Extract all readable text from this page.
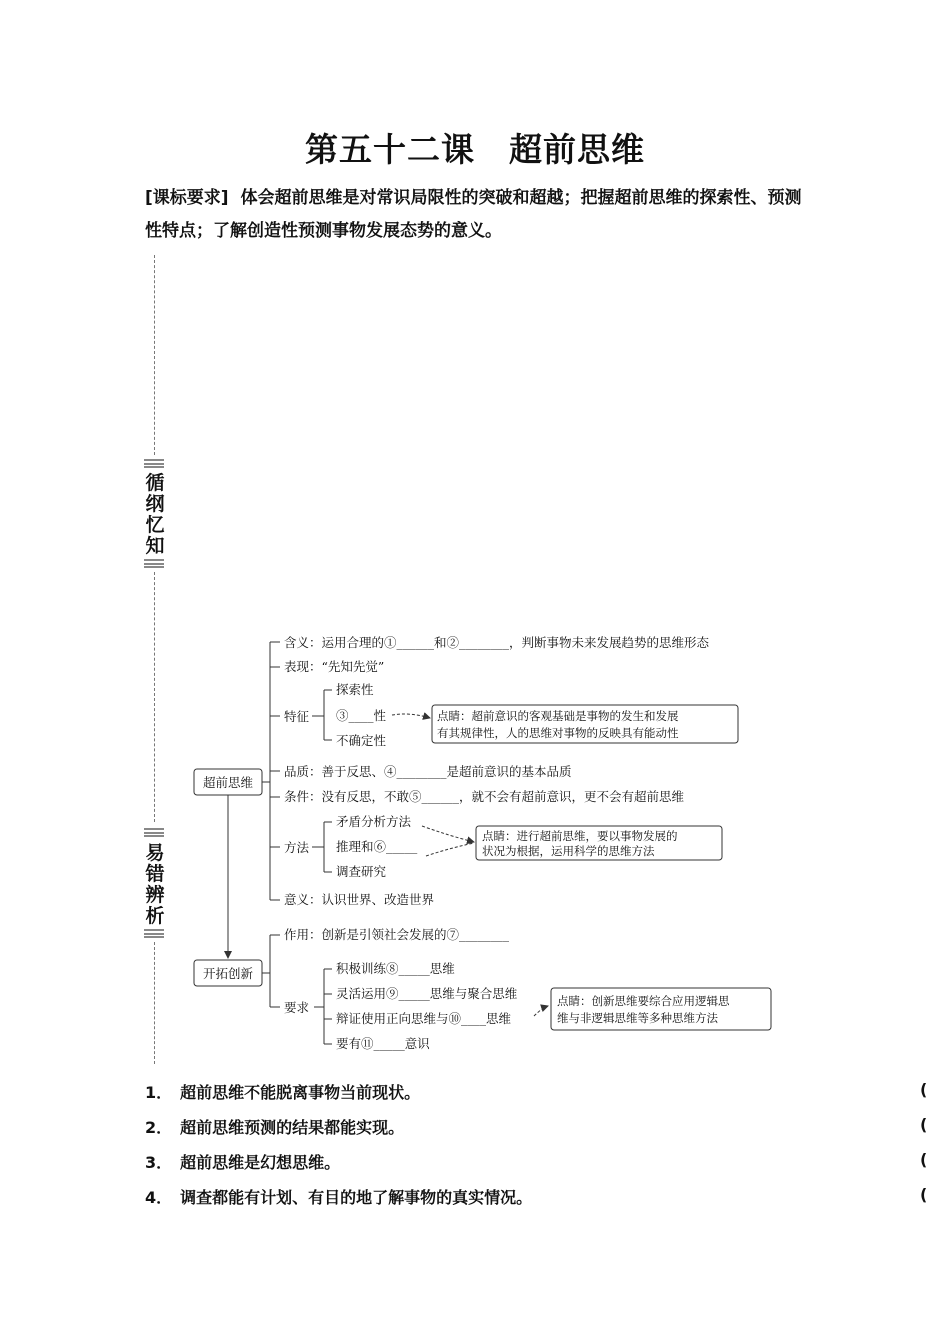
第五十二课　超前思维
[课标要求] 体会超前思维是对常识局限性的突破和超越；把握超前思维的探索性、预测性特点；了解创造性预测事物发展态势的意义。
循纲忆知
易错辨析
超前思维
开拓创新
含义：运用合理的①______和②________，判断事物未来发展趋势的思维形态
表现：“先知先觉”
特征
探索性
③____性
不确定性
点睛：超前意识的客观基础是事物的发生和发展
有其规律性，人的思维对事物的反映具有能动性
品质：善于反思、④________是超前意识的基本品质
条件：没有反思，不敢⑤______，就不会有超前意识，更不会有超前思维
方法
矛盾分析方法
推理和⑥_____
调查研究
点睛：进行超前思维，要以事物发展的
状况为根据，运用科学的思维方法
意义：认识世界、改造世界
作用：创新是引领社会发展的⑦________
要求
积极训练⑧_____思维
灵活运用⑨_____思维与聚合思维
辩证使用正向思维与⑩____思维
要有⑪_____意识
点睛：创新思维要综合应用逻辑思
维与非逻辑思维等多种思维方法
1． 超前思维不能脱离事物当前现状。	(
2． 超前思维预测的结果都能实现。	(
3． 超前思维是幻想思维。	(
4． 调查都能有计划、有目的地了解事物的真实情况。	(
